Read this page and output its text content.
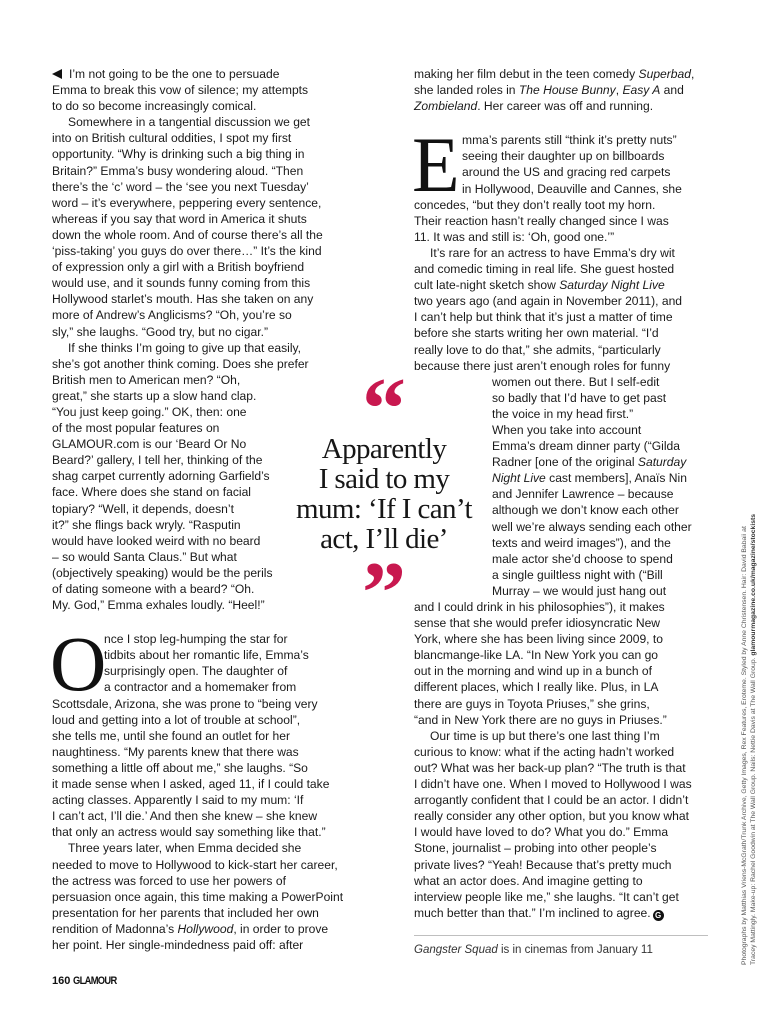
I’m not going to be the one to persuade
Emma to break this vow of silence; my attempts
to do so become increasingly comical.

Somewhere in a tangential discussion we get
into on British cultural oddities, I spot my first
opportunity. “Why is drinking such a big thing in
Britain?” Emma’s busy wondering aloud. “Then
there’s the ‘c’ word – the ‘see you next Tuesday’
word – it’s everywhere, peppering every sentence,
whereas if you say that word in America it shuts
down the whole room. And of course there’s all the
‘piss-taking’ you guys do over there…” It’s the kind
of expression only a girl with a British boyfriend
would use, and it sounds funny coming from this
Hollywood starlet’s mouth. Has she taken on any
more of Andrew’s Anglicisms? “Oh, you’re so
sly,” she laughs. “Good try, but no cigar.”

If she thinks I’m going to give up that easily,
she’s got another think coming. Does she prefer
British men to American men? “Oh,
great,” she starts up a slow hand clap.
“You just keep going.” OK, then: one
of the most popular features on
GLAMOUR.com is our ‘Beard Or No
Beard?’ gallery, I tell her, thinking of the
shag carpet currently adorning Garfield’s
face. Where does she stand on facial
topiary? “Well, it depends, doesn’t
it?” she flings back wryly. “Rasputin
would have looked weird with no beard
– so would Santa Claus.” But what
(objectively speaking) would be the perils
of dating someone with a beard? “Oh.
My. God,” Emma exhales loudly. “Heel!”

O
nce I stop leg-humping the star for
tidbits about her romantic life, Emma’s
surprisingly open. The daughter of
a contractor and a homemaker from
Scottsdale, Arizona, she was prone to “being very
loud and getting into a lot of trouble at school”,
she tells me, until she found an outlet for her
naughtiness. “My parents knew that there was
something a little off about me,” she laughs. “So
it made sense when I asked, aged 11, if I could take
acting classes. Apparently I said to my mum: ‘If
I can’t act, I’ll die.’ And then she knew – she knew
that only an actress would say something like that.”

Three years later, when Emma decided she
needed to move to Hollywood to kick-start her career,
the actress was forced to use her powers of
persuasion once again, this time making a PowerPoint
presentation for her parents that included her own
rendition of Madonna’s Hollywood, in order to prove
her point. Her single-mindedness paid off: after

making her film debut in the teen comedy Superbad,
she landed roles in The House Bunny, Easy A and
Zombieland. Her career was off and running.

E mma’s parents still “think it’s pretty nuts”
seeing their daughter up on billboards
around the US and gracing red carpets
in Hollywood, Deauville and Cannes, she
concedes, “but they don’t really toot my horn.
Their reaction hasn’t really changed since I was
11. It was and still is: ‘Oh, good one.’”

It’s rare for an actress to have Emma’s dry wit
and comedic timing in real life. She guest hosted
cult late-night sketch show Saturday Night Live
two years ago (and again in November 2011), and
I can’t help but think that it’s just a matter of time
before she starts writing her own material. “I’d
really love to do that,” she admits, “particularly
because there just aren’t enough roles for funny
women out there. But I self-edit
so badly that I’d have to get past
the voice in my head first.”

When you take into account
Emma’s dream dinner party (“Gilda
Radner [one of the original Saturday
Night Live cast members], Anaïs Nin
and Jennifer Lawrence – because
although we don’t know each other
well we’re always sending each other
texts and weird images”), and the
male actor she’d choose to spend
a single guiltless night with (“Bill
Murray – we would just hang out
and I could drink in his philosophies”), it makes
sense that she would prefer idiosyncratic New
York, where she has been living since 2009, to
blancmange-like LA. “In New York you can go
out in the morning and wind up in a bunch of
different places, which I really like. Plus, in LA
there are guys in Toyota Priuses,” she grins,
“and in New York there are no guys in Priuses.”

Our time is up but there’s one last thing I’m
curious to know: what if the acting hadn’t worked
out? What was her back-up plan? “The truth is that
I didn’t have one. When I moved to Hollywood I was
arrogantly confident that I could be an actor. I didn’t
really consider any other option, but you know what
I would have loved to do? What you do.” Emma
Stone, journalist – probing into other people’s
private lives? “Yeah! Because that’s pretty much
what an actor does. And imagine getting to
interview people like me,” she laughs. “It can’t get
much better than that.” I’m inclined to agree. G

“
Apparently
I said to my
mum: ‘If I can’t
act, I’ll die’
”
Gangster Squad is in cinemas from January 11
160 GLAMOUR
Photographs by Matthias Vriens-McGrath/Trunk Archive, Getty Images, Rex Features, Eroteme. Styled by Anne Christensen. Hair: David Babaii at Tracey Mattingly. Make-up: Rachel Goodwin at The Wall Group. Nails: Nettie Davis at The Wall Group. glamourmagazine.co.uk/magazine/stockists
